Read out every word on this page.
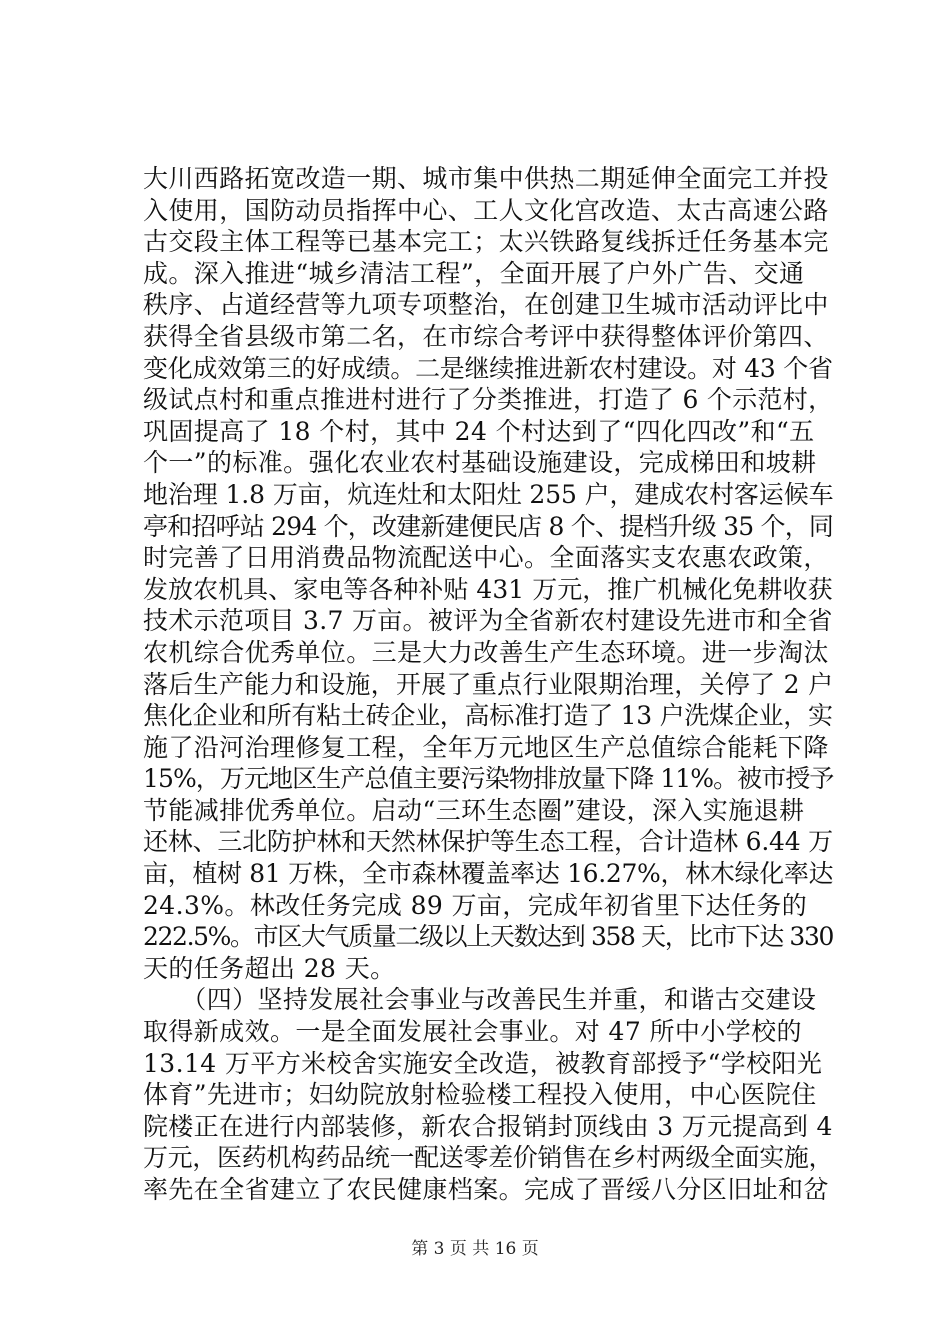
大川西路拓宽改造一期、城市集中供热二期延伸全面完工并投
入使用，国防动员指挥中心、工人文化宫改造、太古高速公路
古交段主体工程等已基本完工；太兴铁路复线拆迁任务基本完
成。深入推进“城乡清洁工程”，全面开展了户外广告、交通
秩序、占道经营等九项专项整治，在创建卫生城市活动评比中
获得全省县级市第二名，在市综合考评中获得整体评价第四、
变化成效第三的好成绩。二是继续推进新农村建设。对 43 个省
级试点村和重点推进村进行了分类推进，打造了 6 个示范村，
巩固提高了 18 个村，其中 24 个村达到了“四化四改”和“五
个一”的标准。强化农业农村基础设施建设，完成梯田和坡耕
地治理 1.8 万亩，炕连灶和太阳灶 255 户，建成农村客运候车
亭和招呼站 294 个，改建新建便民店 8 个、提档升级 35 个，同
时完善了日用消费品物流配送中心。全面落实支农惠农政策，
发放农机具、家电等各种补贴 431 万元，推广机械化免耕收获
技术示范项目 3.7 万亩。被评为全省新农村建设先进市和全省
农机综合优秀单位。三是大力改善生产生态环境。进一步淘汰
落后生产能力和设施，开展了重点行业限期治理，关停了 2 户
焦化企业和所有粘土砖企业，高标准打造了 13 户洗煤企业，实
施了沿河治理修复工程，全年万元地区生产总值综合能耗下降
15%，万元地区生产总值主要污染物排放量下降 11%。被市授予
节能减排优秀单位。启动“三环生态圈”建设，深入实施退耕
还林、三北防护林和天然林保护等生态工程，合计造林 6.44 万
亩，植树 81 万株，全市森林覆盖率达 16.27%，林木绿化率达
24.3%。林改任务完成 89 万亩，完成年初省里下达任务的
222.5%。市区大气质量二级以上天数达到 358 天，比市下达 330
天的任务超出 28 天。
　　（四）坚持发展社会事业与改善民生并重，和谐古交建设
取得新成效。一是全面发展社会事业。对 47 所中小学校的
13.14 万平方米校舍实施安全改造，被教育部授予“学校阳光
体育”先进市；妇幼院放射检验楼工程投入使用，中心医院住
院楼正在进行内部装修，新农合报销封顶线由 3 万元提高到 4
万元，医药机构药品统一配送零差价销售在乡村两级全面实施，
率先在全省建立了农民健康档案。完成了晋绥八分区旧址和岔
第 3 页 共 16 页
